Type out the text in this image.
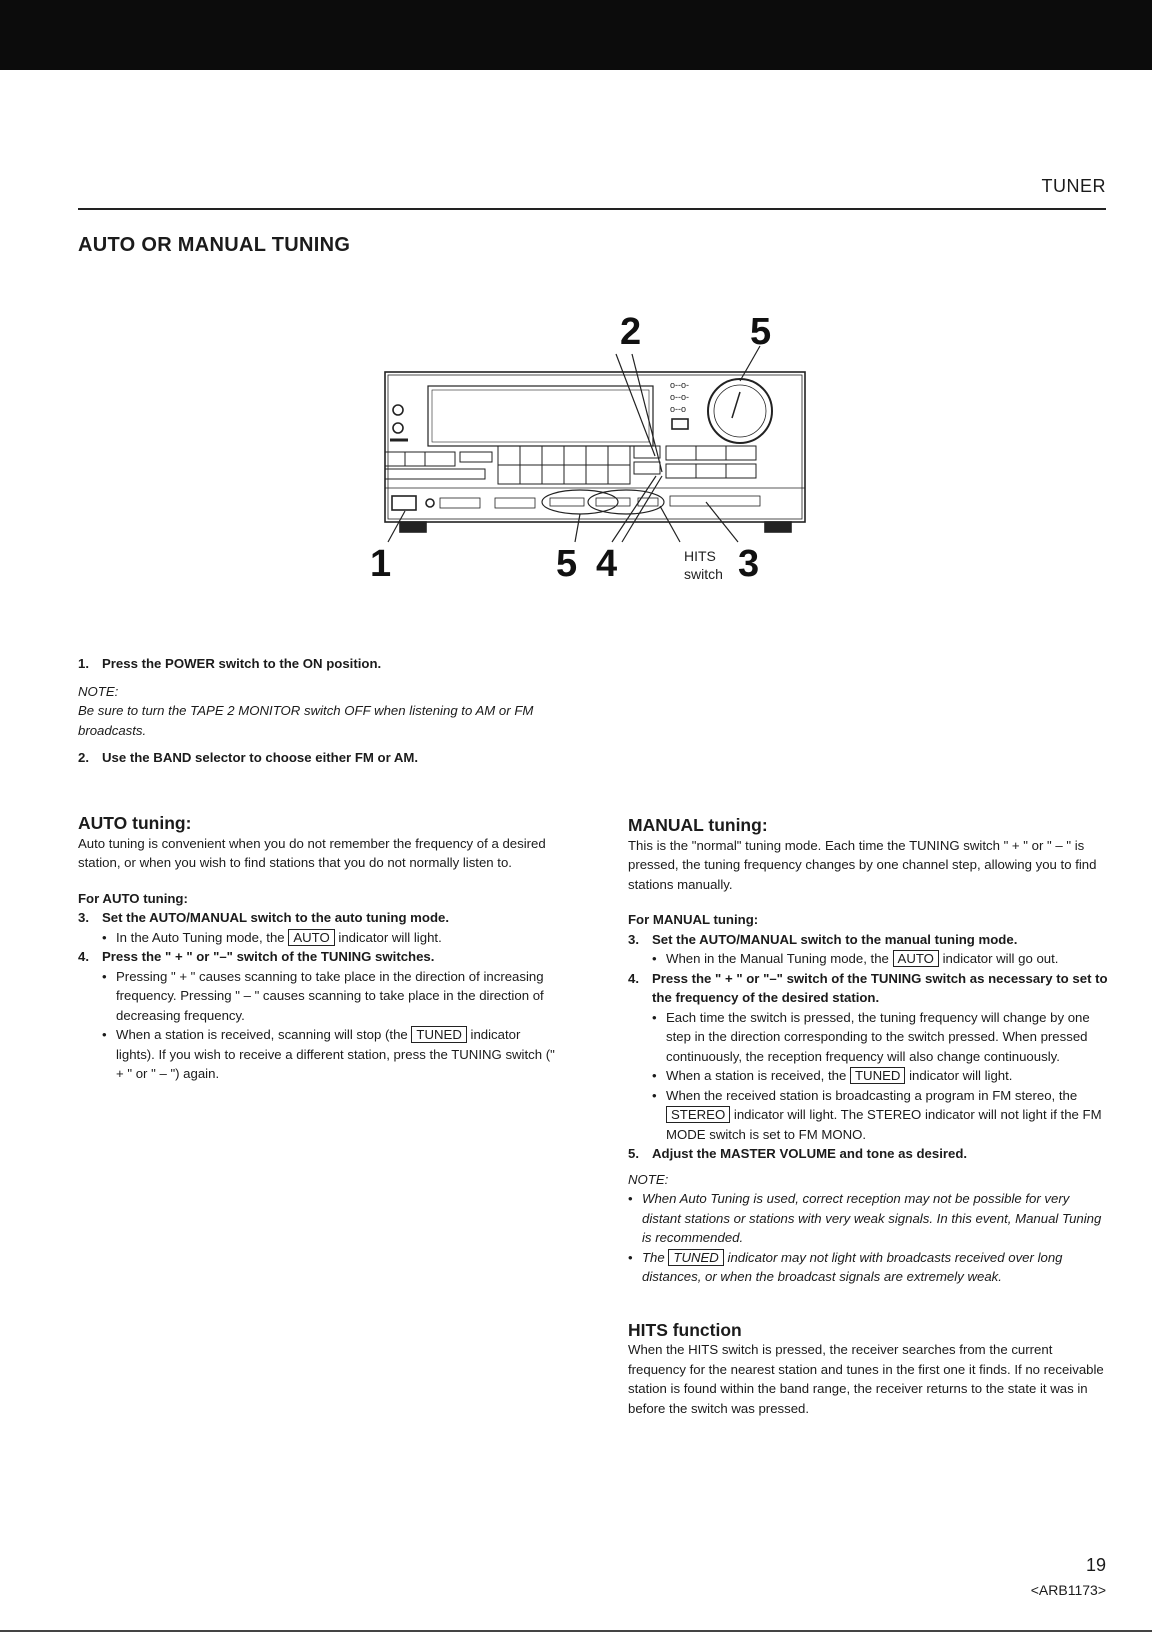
TUNER
AUTO OR MANUAL TUNING
2	5
1	5 4	3
HITS
switch
o--o-
o--o-
o--o
1. Press the POWER switch to the ON position.

NOTE:

Be sure to turn the TAPE 2 MONITOR switch OFF when listening to AM or FM broadcasts.

2. Use the BAND selector to choose either FM or AM.

AUTO tuning:

Auto tuning is convenient when you do not remember the frequency of a desired station, or when you wish to find stations that you do not normally listen to.

For AUTO tuning:

3. Set the AUTO/MANUAL switch to the auto tuning mode.
• In the Auto Tuning mode, the AUTO indicator will light.
4. Press the " + " or "–" switch of the TUNING switches.
• Pressing " + " causes scanning to take place in the direction of increasing frequency. Pressing " – " causes scanning to take place in the direction of decreasing frequency.
• When a station is received, scanning will stop (the TUNED indicator lights). If you wish to receive a different station, press the TUNING switch (" + " or " – ") again.

MANUAL tuning:

This is the "normal" tuning mode. Each time the TUNING switch " + " or " – " is pressed, the tuning frequency changes by one channel step, allowing you to find stations manually.

For MANUAL tuning:

3. Set the AUTO/MANUAL switch to the manual tuning mode.
• When in the Manual Tuning mode, the AUTO indicator will go out.
4. Press the " + " or "–" switch of the TUNING switch as necessary to set to the frequency of the desired station.
• Each time the switch is pressed, the tuning frequency will change by one step in the direction corresponding to the switch pressed. When pressed continuously, the reception frequency will also change continuously.
• When a station is received, the TUNED indicator will light.
• When the received station is broadcasting a program in FM stereo, the STEREO indicator will light. The STEREO indicator will not light if the FM MODE switch is set to FM MONO.
5. Adjust the MASTER VOLUME and tone as desired.

NOTE:

• When Auto Tuning is used, correct reception may not be possible for very distant stations or stations with very weak signals. In this event, Manual Tuning is recommended.
• The TUNED indicator may not light with broadcasts received over long distances, or when the broadcast signals are extremely weak.

HITS function

When the HITS switch is pressed, the receiver searches from the current frequency for the nearest station and tunes in the first one it finds. If no receivable station is found within the band range, the receiver returns to the state it was in before the switch was pressed.

19
<ARB1173>
